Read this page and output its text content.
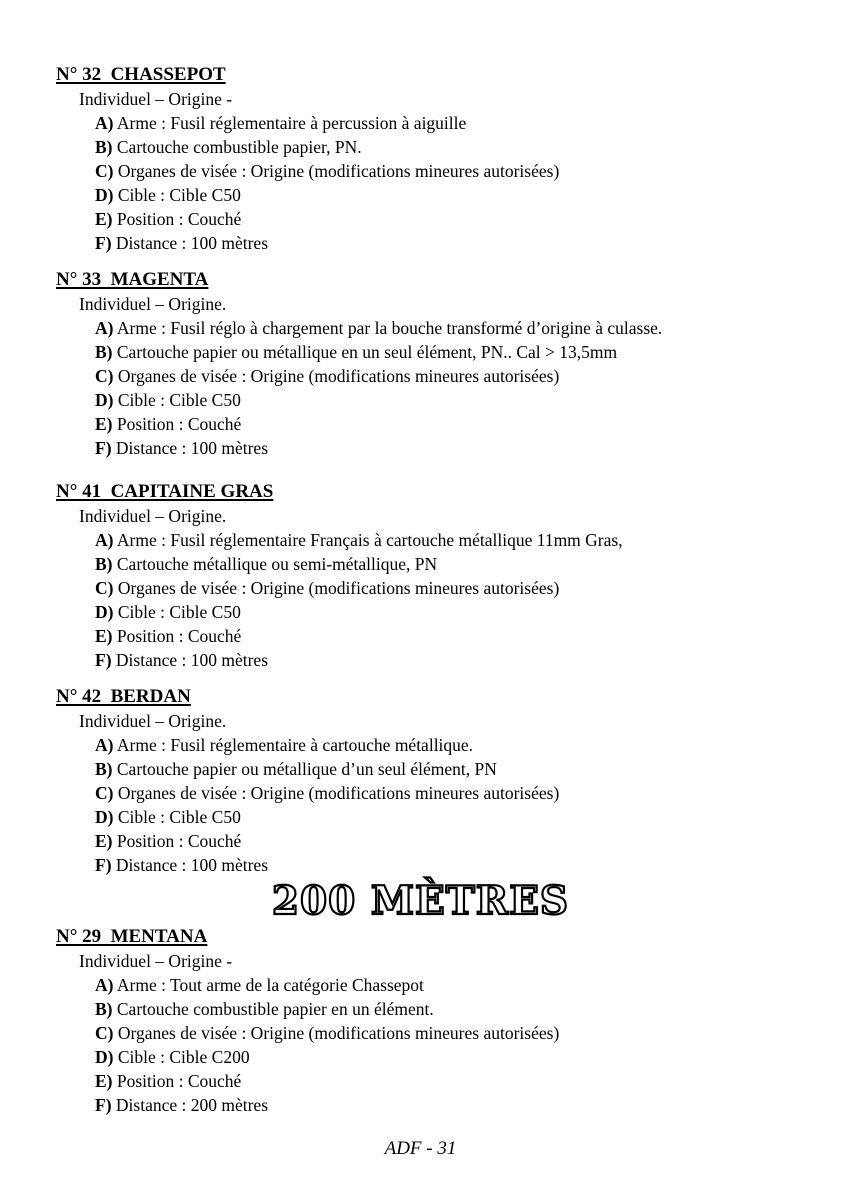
N° 32  CHASSEPOT
Individuel – Origine -
A) Arme : Fusil réglementaire à percussion à aiguille
B) Cartouche combustible papier, PN.
C) Organes de visée : Origine (modifications mineures autorisées)
D) Cible : Cible C50
E) Position : Couché
F) Distance : 100 mètres
N° 33  MAGENTA
Individuel – Origine.
A) Arme : Fusil réglo à chargement par la bouche transformé d’origine à culasse.
B) Cartouche papier ou métallique en un seul élément, PN.. Cal > 13,5mm
C) Organes de visée : Origine (modifications mineures autorisées)
D) Cible : Cible C50
E) Position : Couché
F) Distance : 100 mètres
N° 41  CAPITAINE GRAS
Individuel – Origine.
A) Arme : Fusil réglementaire Français à cartouche métallique 11mm Gras,
B) Cartouche métallique ou semi-métallique, PN
C) Organes de visée : Origine (modifications mineures autorisées)
D) Cible : Cible C50
E) Position : Couché
F) Distance : 100 mètres
N° 42  BERDAN
Individuel – Origine.
A) Arme : Fusil réglementaire à cartouche métallique.
B) Cartouche papier ou métallique d’un seul élément, PN
C) Organes de visée : Origine (modifications mineures autorisées)
D) Cible : Cible C50
E) Position : Couché
F) Distance : 100 mètres
200 MÈTRES
N° 29  MENTANA
Individuel – Origine -
A) Arme : Tout arme de la catégorie Chassepot
B) Cartouche combustible papier en un élément.
C) Organes de visée : Origine (modifications mineures autorisées)
D) Cible : Cible C200
E) Position : Couché
F) Distance : 200 mètres
ADF - 31
